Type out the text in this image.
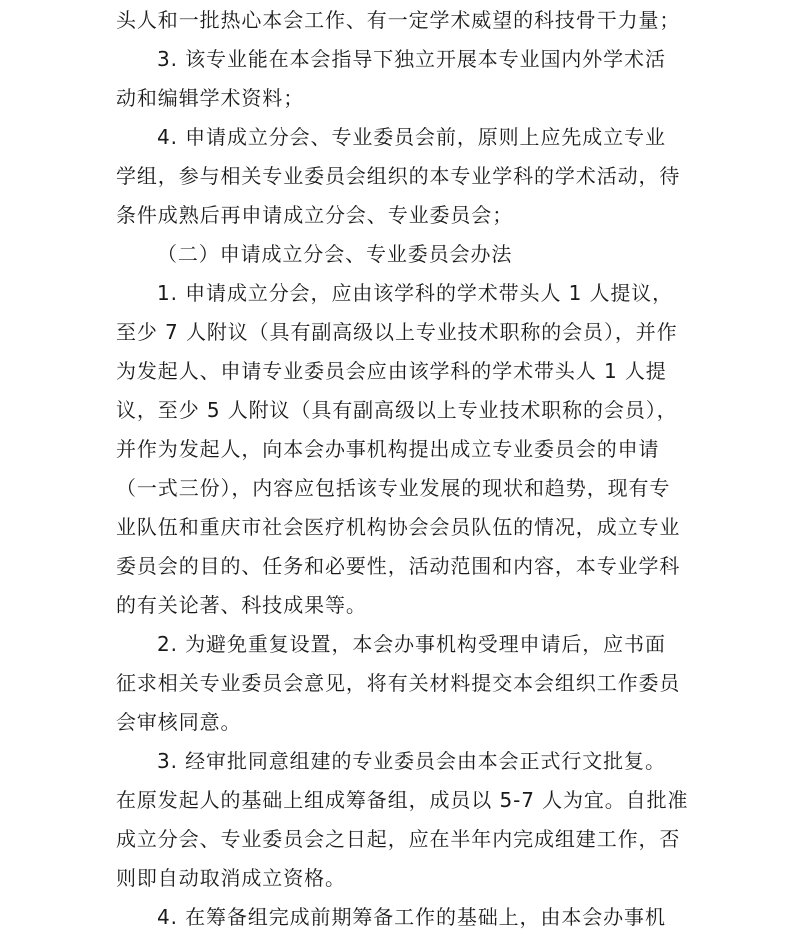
头人和一批热心本会工作、有一定学术威望的科技骨干力量；
3. 该专业能在本会指导下独立开展本专业国内外学术活
动和编辑学术资料；
4. 申请成立分会、专业委员会前，原则上应先成立专业
学组，参与相关专业委员会组织的本专业学科的学术活动，待
条件成熟后再申请成立分会、专业委员会；
（二）申请成立分会、专业委员会办法
1. 申请成立分会，应由该学科的学术带头人 1 人提议，
至少 7 人附议（具有副高级以上专业技术职称的会员），并作
为发起人、申请专业委员会应由该学科的学术带头人 1 人提
议，至少 5 人附议（具有副高级以上专业技术职称的会员），
并作为发起人，向本会办事机构提出成立专业委员会的申请
（一式三份），内容应包括该专业发展的现状和趋势，现有专
业队伍和重庆市社会医疗机构协会会员队伍的情况，成立专业
委员会的目的、任务和必要性，活动范围和内容，本专业学科
的有关论著、科技成果等。
2. 为避免重复设置，本会办事机构受理申请后，应书面
征求相关专业委员会意见，将有关材料提交本会组织工作委员
会审核同意。
3. 经审批同意组建的专业委员会由本会正式行文批复。
在原发起人的基础上组成筹备组，成员以 5-7 人为宜。自批准
成立分会、专业委员会之日起，应在半年内完成组建工作，否
则即自动取消成立资格。
4. 在筹备组完成前期筹备工作的基础上，由本会办事机
